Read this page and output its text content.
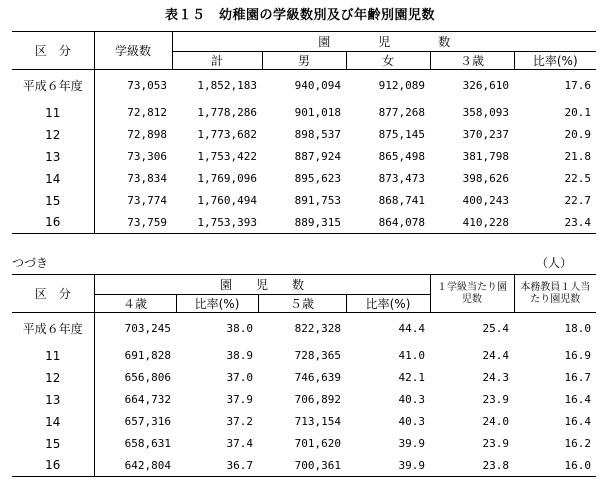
表１５　幼稚園の学級数別及び年齢別園児数
区　分	学級数	園　　　　児　　　　数				
		計	男	女	３歳	比率(%)
平成６年度	73,053	1,852,183	940,094	912,089	326,610	17.6
11	72,812	1,778,286	901,018	877,268	358,093	20.1
12	72,898	1,773,682	898,537	875,145	370,237	20.9
13	73,306	1,753,422	887,924	865,498	381,798	21.8
14	73,834	1,769,096	895,623	873,473	398,626	22.5
15	73,774	1,760,494	891,753	868,741	400,243	22.7
16	73,759	1,753,393	889,315	864,078	410,228	23.4
つづき	（人）
区　分	園　　児　　数				１学級当たり園児数	本務教員１人当たり園児数
	４歳	比率(%)	５歳	比率(%)		
平成６年度	703,245	38.0	822,328	44.4	25.4	18.0
11	691,828	38.9	728,365	41.0	24.4	16.9
12	656,806	37.0	746,639	42.1	24.3	16.7
13	664,732	37.9	706,892	40.3	23.9	16.4
14	657,316	37.2	713,154	40.3	24.0	16.4
15	658,631	37.4	701,620	39.9	23.9	16.2
16	642,804	36.7	700,361	39.9	23.8	16.0
